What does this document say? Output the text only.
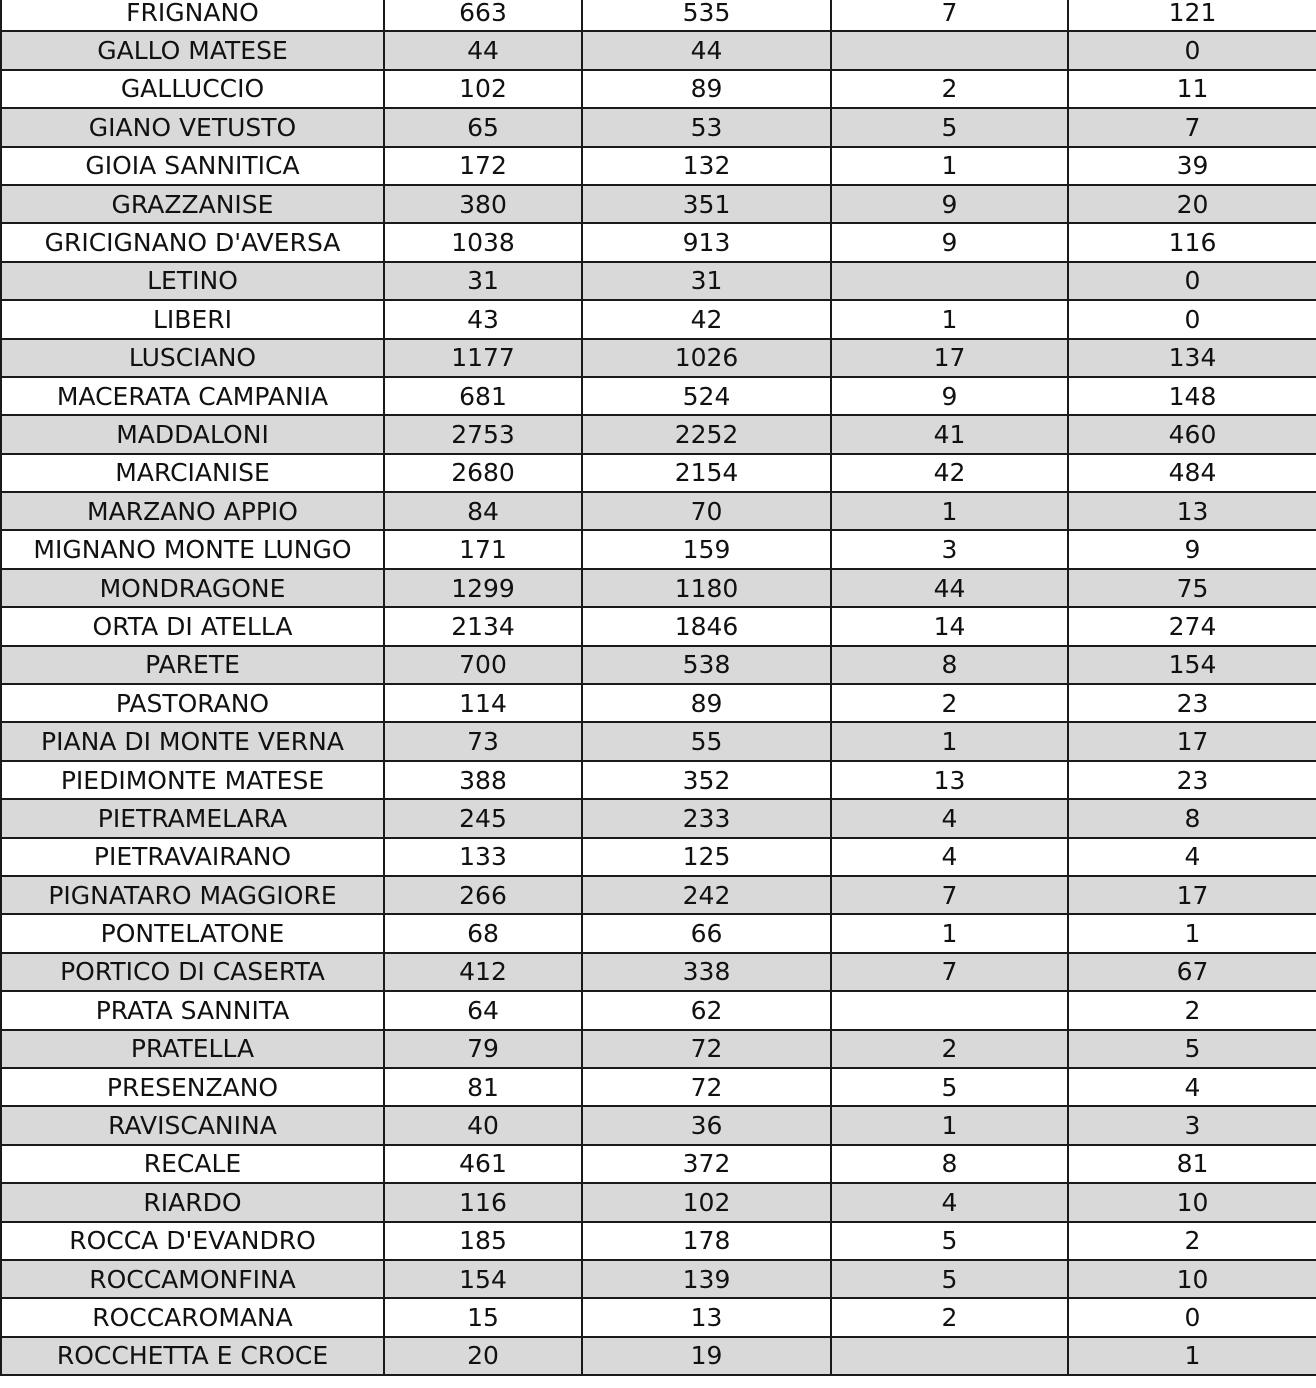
FRIGNANO	663	535	7	121
GALLO MATESE	44	44		0
GALLUCCIO	102	89	2	11
GIANO VETUSTO	65	53	5	7
GIOIA SANNITICA	172	132	1	39
GRAZZANISE	380	351	9	20
GRICIGNANO D'AVERSA	1038	913	9	116
LETINO	31	31		0
LIBERI	43	42	1	0
LUSCIANO	1177	1026	17	134
MACERATA CAMPANIA	681	524	9	148
MADDALONI	2753	2252	41	460
MARCIANISE	2680	2154	42	484
MARZANO APPIO	84	70	1	13
MIGNANO MONTE LUNGO	171	159	3	9
MONDRAGONE	1299	1180	44	75
ORTA DI ATELLA	2134	1846	14	274
PARETE	700	538	8	154
PASTORANO	114	89	2	23
PIANA DI MONTE VERNA	73	55	1	17
PIEDIMONTE MATESE	388	352	13	23
PIETRAMELARA	245	233	4	8
PIETRAVAIRANO	133	125	4	4
PIGNATARO MAGGIORE	266	242	7	17
PONTELATONE	68	66	1	1
PORTICO DI CASERTA	412	338	7	67
PRATA SANNITA	64	62		2
PRATELLA	79	72	2	5
PRESENZANO	81	72	5	4
RAVISCANINA	40	36	1	3
RECALE	461	372	8	81
RIARDO	116	102	4	10
ROCCA D'EVANDRO	185	178	5	2
ROCCAMONFINA	154	139	5	10
ROCCAROMANA	15	13	2	0
ROCCHETTA E CROCE	20	19		1
